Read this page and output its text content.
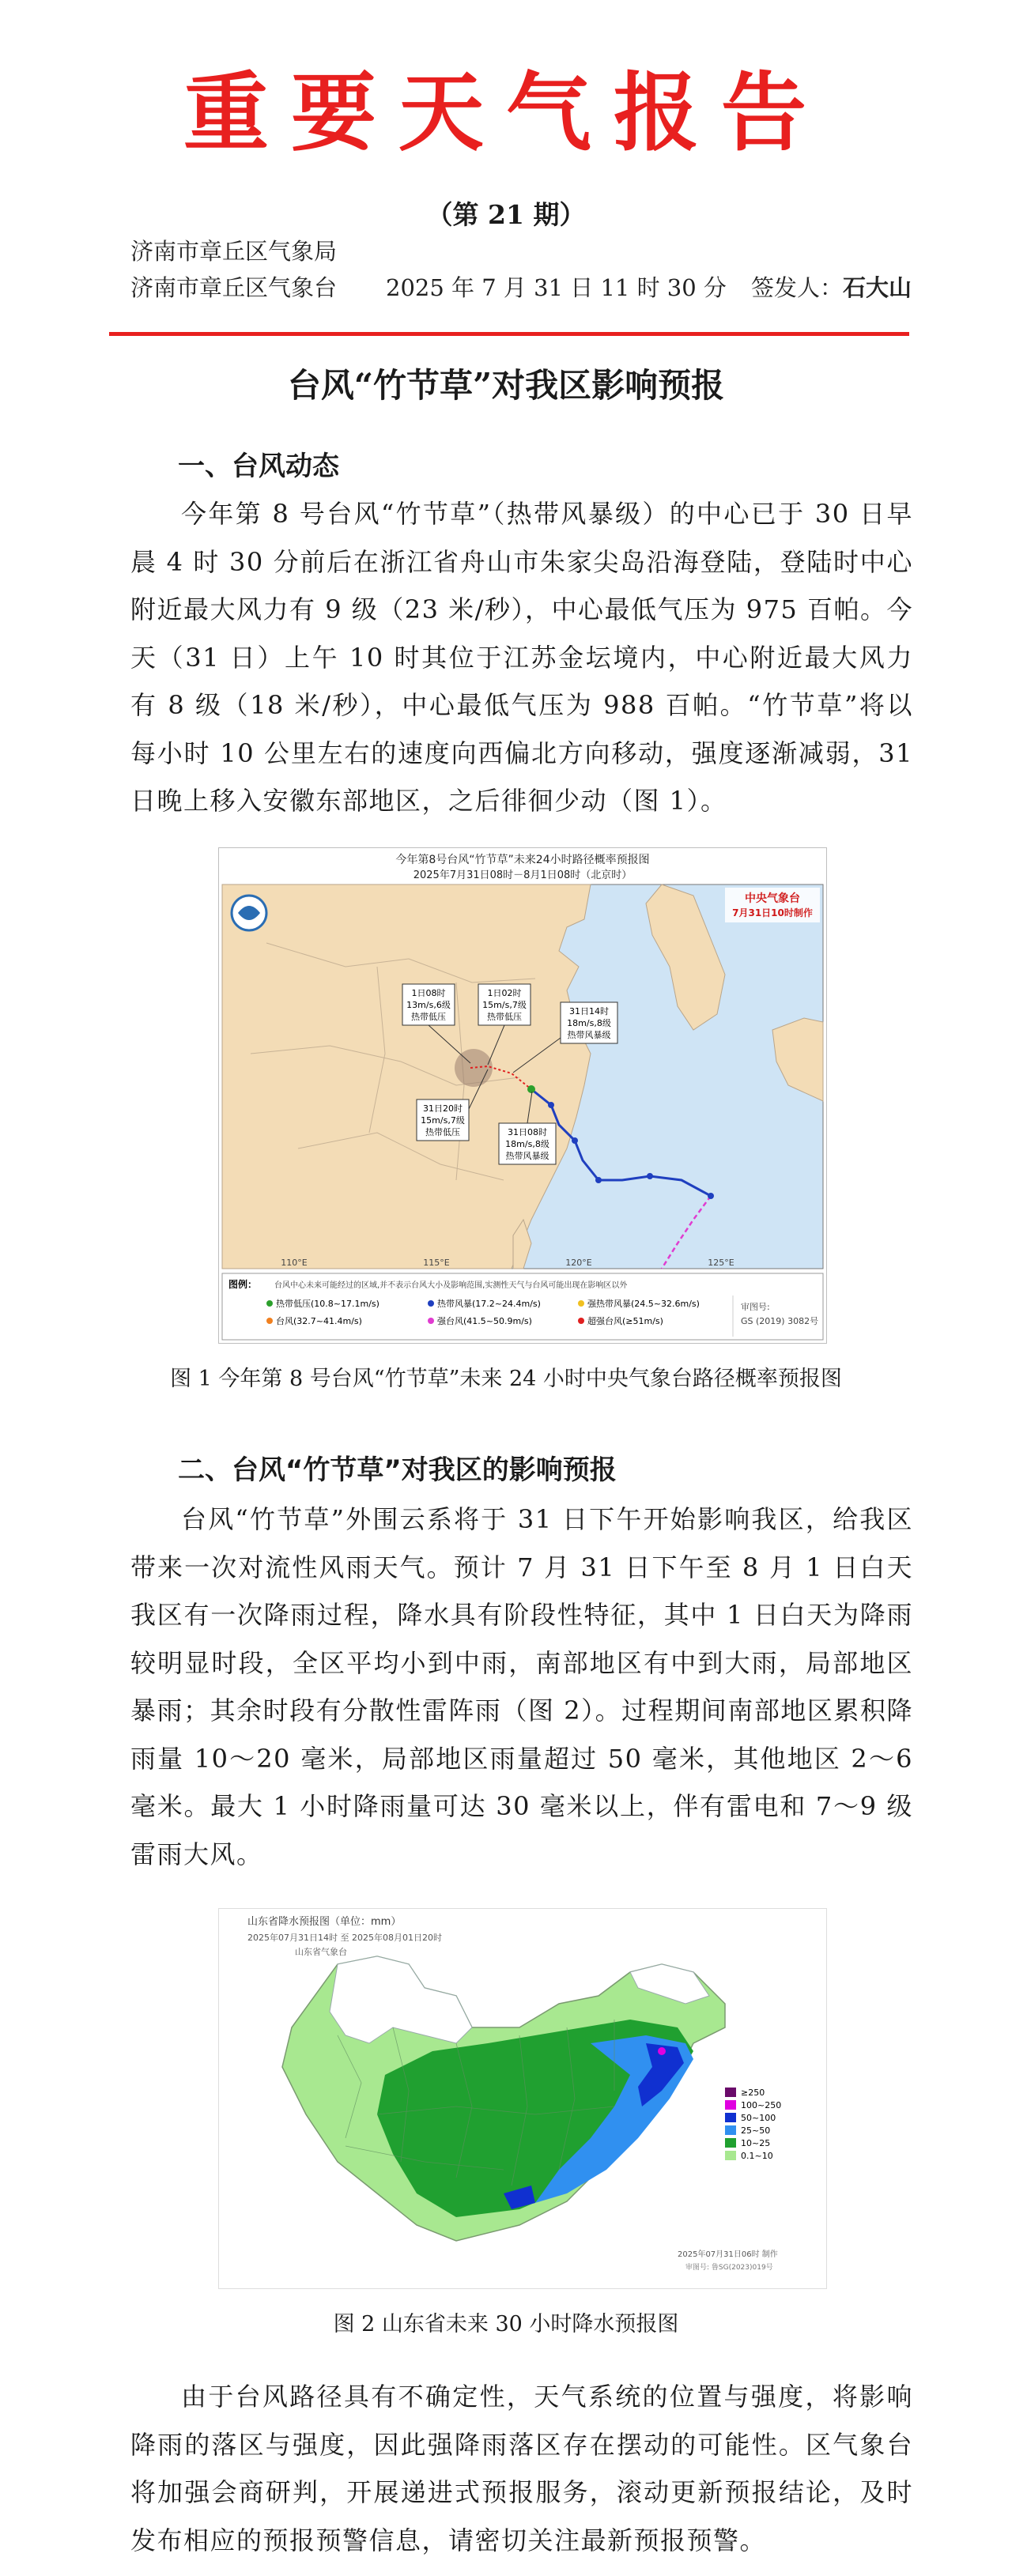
重要天气报告
（第 21 期）
济南市章丘区气象局
济南市章丘区气象台 2025 年 7 月 31 日 11 时 30 分 签发人：石大山
台风“竹节草”对我区影响预报
一、台风动态
今年第 8 号台风“竹节草”（热带风暴级）的中心已于 30 日早晨 4 时 30 分前后在浙江省舟山市朱家尖岛沿海登陆，登陆时中心附近最大风力有 9 级（23 米/秒），中心最低气压为 975 百帕。今天（31 日）上午 10 时其位于江苏金坛境内，中心附近最大风力有 8 级（18 米/秒），中心最低气压为 988 百帕。“竹节草”将以每小时 10 公里左右的速度向西偏北方向移动，强度逐渐减弱，31 日晚上移入安徽东部地区，之后徘徊少动（图 1）。
今年第8号台风“竹节草”未来24小时路径概率预报图
2025年7月31日08时－8月1日08时（北京时）
中央气象台
7月31日10时制作
1日08时
13m/s,6级
热带低压
1日02时
15m/s,7级
热带低压
31日14时
18m/s,8级
热带风暴级
31日20时
15m/s,7级
热带低压	31日08时
18m/s,8级
热带风暴级
110°E	115°E	120°E	125°E
图例： 台风中心未来可能经过的区域,并不表示台风大小及影响范围,实测性天气与台风可能出现在影响区以外
热带低压(10.8~17.1m/s)	热带风暴(17.2~24.4m/s)	强热带风暴(24.5~32.6m/s)
台风(32.7~41.4m/s)	强台风(41.5~50.9m/s)	超强台风(≥51m/s)
审图号:
GS (2019) 3082号
图 1 今年第 8 号台风“竹节草”未来 24 小时中央气象台路径概率预报图
二、台风“竹节草”对我区的影响预报
台风“竹节草”外围云系将于 31 日下午开始影响我区，给我区带来一次对流性风雨天气。预计 7 月 31 日下午至 8 月 1 日白天我区有一次降雨过程，降水具有阶段性特征，其中 1 日白天为降雨较明显时段，全区平均小到中雨，南部地区有中到大雨，局部地区暴雨；其余时段有分散性雷阵雨（图 2）。过程期间南部地区累积降雨量 10～20 毫米，局部地区雨量超过 50 毫米，其他地区 2～6 毫米。最大 1 小时降雨量可达 30 毫米以上，伴有雷电和 7～9 级雷雨大风。
山东省降水预报图（单位：mm）
2025年07月31日14时 至 2025年08月01日20时
山东省气象台
≥250
100~250
50~100
25~50
10~25
0.1~10
2025年07月31日06时 制作
审图号: 鲁SG(2023)019号
图 2 山东省未来 30 小时降水预报图
由于台风路径具有不确定性，天气系统的位置与强度，将影响降雨的落区与强度，因此强降雨落区存在摆动的可能性。区气象台将加强会商研判，开展递进式预报服务，滚动更新预报结论，及时发布相应的预报预警信息，请密切关注最新预报预警。
